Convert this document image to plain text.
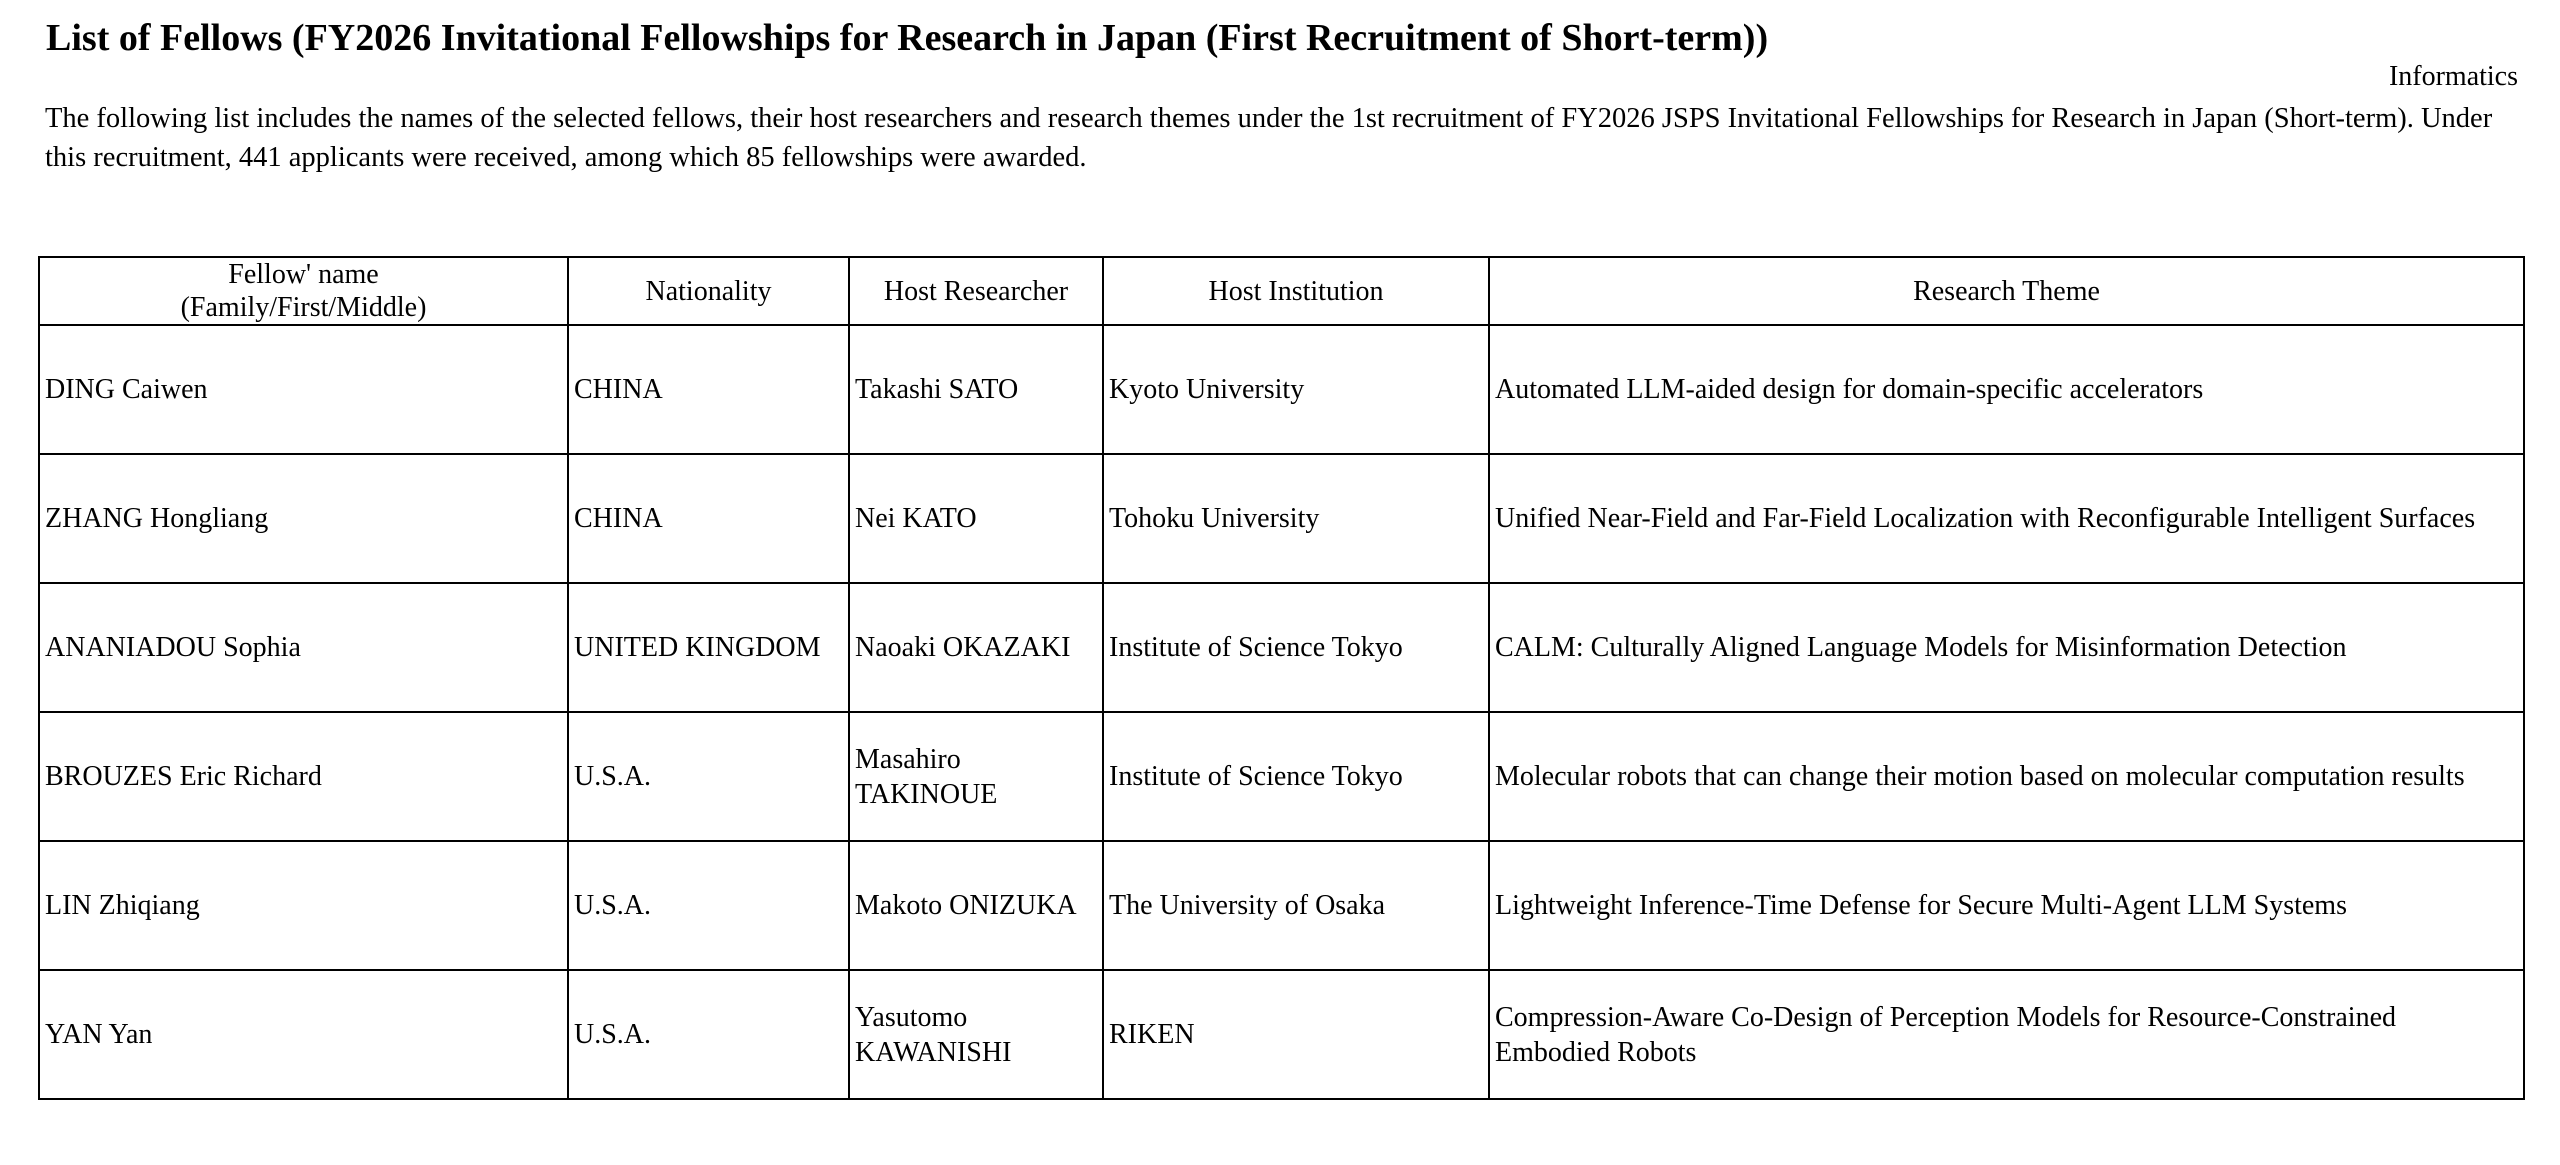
List of Fellows (FY2026 Invitational Fellowships for Research in Japan (First Recruitment of Short-term))
Informatics
The following list includes the names of the selected fellows, their host researchers and research themes under the 1st recruitment of FY2026 JSPS Invitational Fellowships for Research in Japan (Short-term). Under this recruitment, 441 applicants were received, among which 85 fellowships were awarded.
Fellow' name
(Family/First/Middle)	Nationality	Host Researcher	Host Institution	Research Theme
DING Caiwen	CHINA	Takashi SATO	Kyoto University	Automated LLM-aided design for domain-specific accelerators
ZHANG Hongliang	CHINA	Nei KATO	Tohoku University	Unified Near-Field and Far-Field Localization with Reconfigurable Intelligent Surfaces
ANANIADOU Sophia	UNITED KINGDOM	Naoaki OKAZAKI	Institute of Science Tokyo	CALM: Culturally Aligned Language Models for Misinformation Detection
BROUZES Eric Richard	U.S.A.	Masahiro TAKINOUE	Institute of Science Tokyo	Molecular robots that can change their motion based on molecular computation results
LIN Zhiqiang	U.S.A.	Makoto ONIZUKA	The University of Osaka	Lightweight Inference-Time Defense for Secure Multi-Agent LLM Systems
YAN Yan	U.S.A.	Yasutomo KAWANISHI	RIKEN	Compression-Aware Co-Design of Perception Models for Resource-Constrained Embodied Robots
